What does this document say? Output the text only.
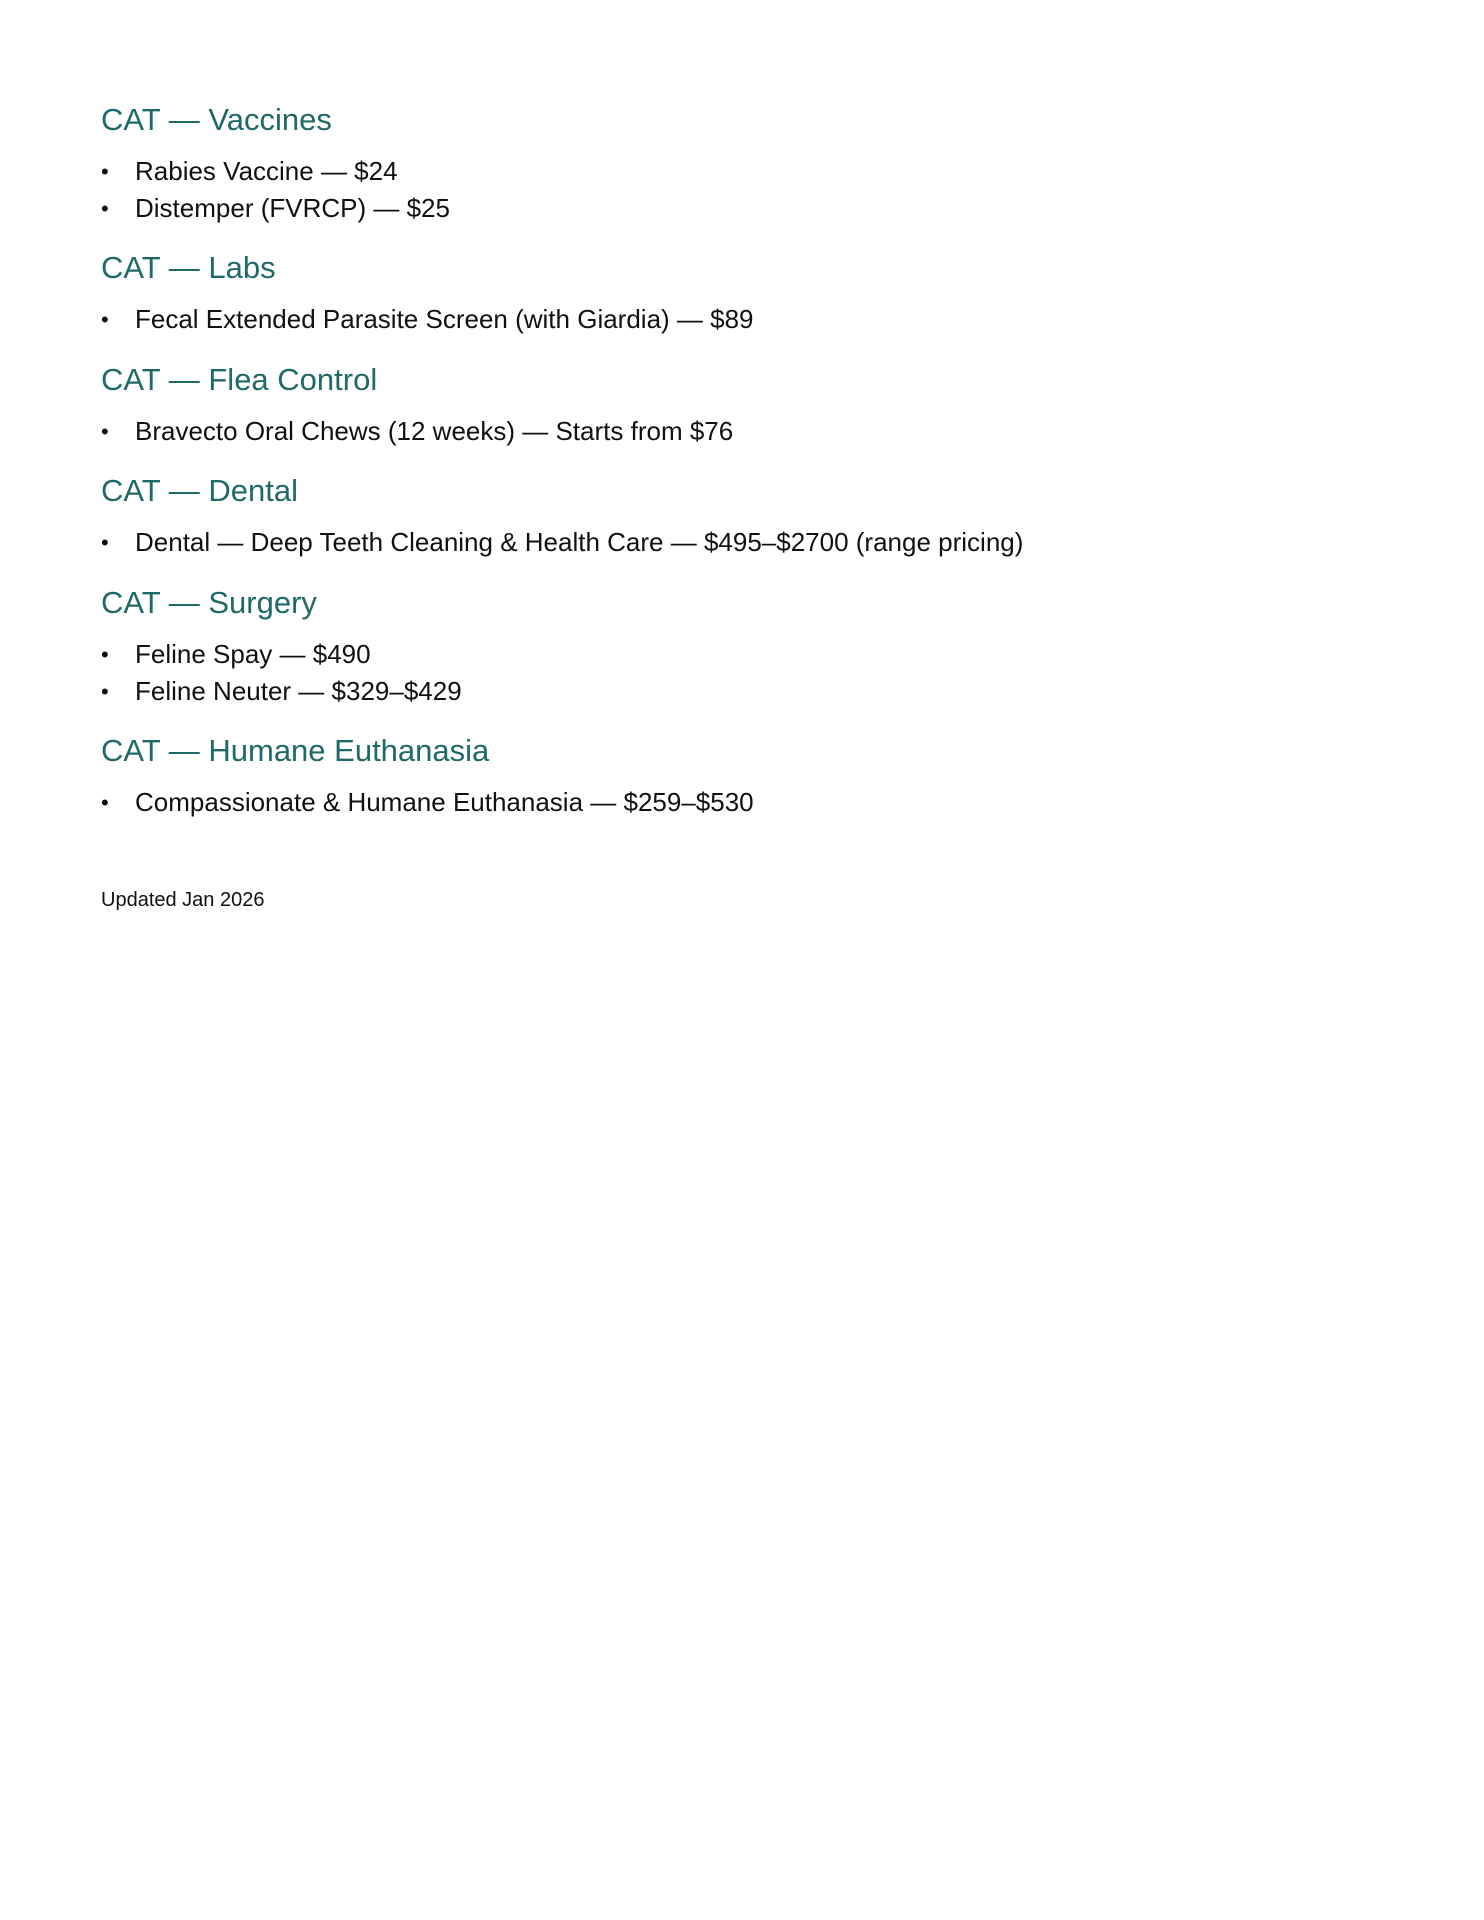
CAT — Vaccines
• Rabies Vaccine — $24
• Distemper (FVRCP) — $25
CAT — Labs
• Fecal Extended Parasite Screen (with Giardia) — $89
CAT — Flea Control
• Bravecto Oral Chews (12 weeks) — Starts from $76
CAT — Dental
• Dental — Deep Teeth Cleaning & Health Care — $495–$2700 (range pricing)
CAT — Surgery
• Feline Spay — $490
• Feline Neuter — $329–$429
CAT — Humane Euthanasia
• Compassionate & Humane Euthanasia — $259–$530
Updated Jan 2026
